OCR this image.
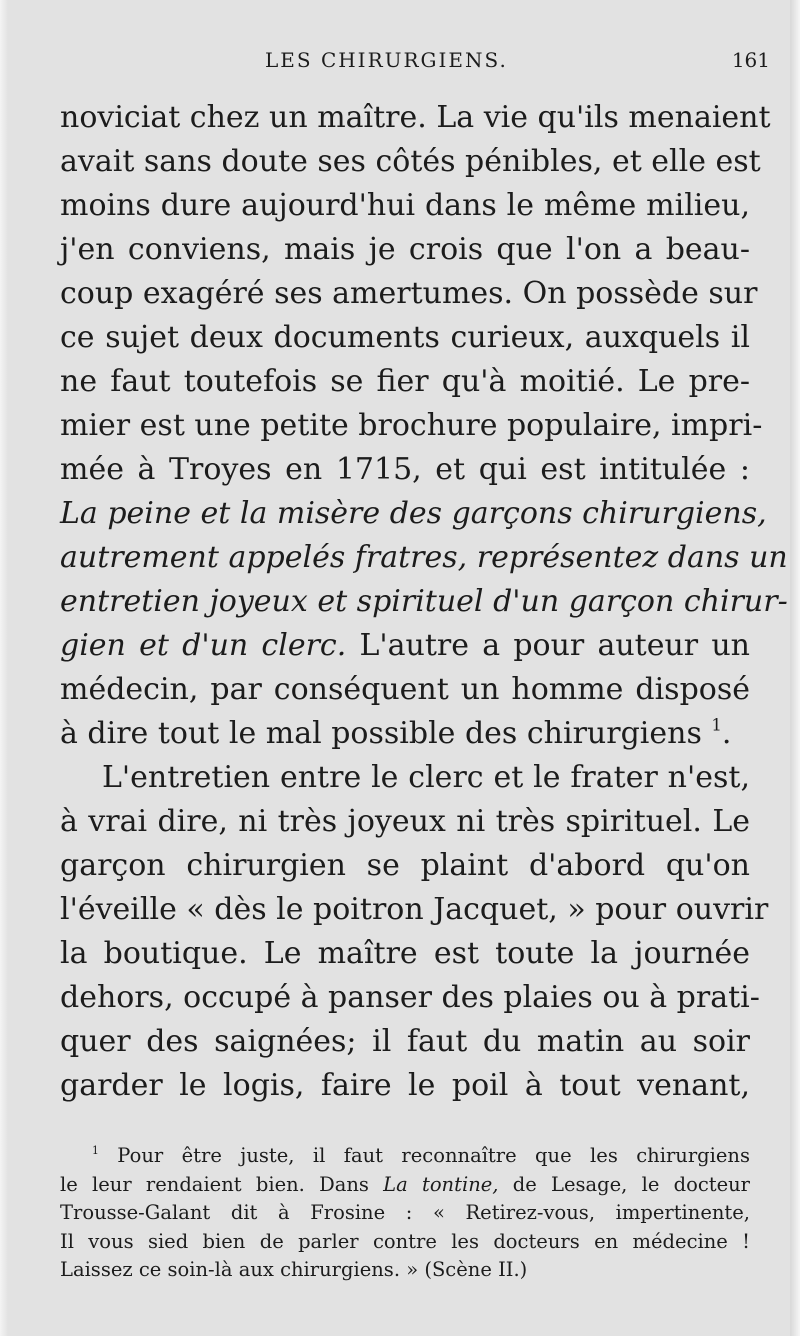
LES CHIRURGIENS.	161
noviciat chez un maître. La vie qu'ils menaient
avait sans doute ses côtés pénibles, et elle est
moins dure aujourd'hui dans le même milieu,
j'en conviens, mais je crois que l'on a beau-
coup exagéré ses amertumes. On possède sur
ce sujet deux documents curieux, auxquels il
ne faut toutefois se fier qu'à moitié. Le pre-
mier est une petite brochure populaire, impri-
mée à Troyes en 1715, et qui est intitulée :
La peine et la misère des garçons chirurgiens,
autrement appelés fratres, représentez dans un
entretien joyeux et spirituel d'un garçon chirur-
gien et d'un clerc. L'autre a pour auteur un
médecin, par conséquent un homme disposé
à dire tout le mal possible des chirurgiens $^1$.
L'entretien entre le clerc et le frater n'est,
à vrai dire, ni très joyeux ni très spirituel. Le
garçon chirurgien se plaint d'abord qu'on
l'éveille « dès le poitron Jacquet, » pour ouvrir
la boutique. Le maître est toute la journée
dehors, occupé à panser des plaies ou à prati-
quer des saignées; il faut du matin au soir
garder le logis, faire le poil à tout venant,
$^1$ Pour être juste, il faut reconnaître que les chirurgiens
le leur rendaient bien. Dans La tontine, de Lesage, le docteur
Trousse-Galant dit à Frosine : « Retirez-vous, impertinente,
Il vous sied bien de parler contre les docteurs en médecine !
Laissez ce soin-là aux chirurgiens. » (Scène II.)
